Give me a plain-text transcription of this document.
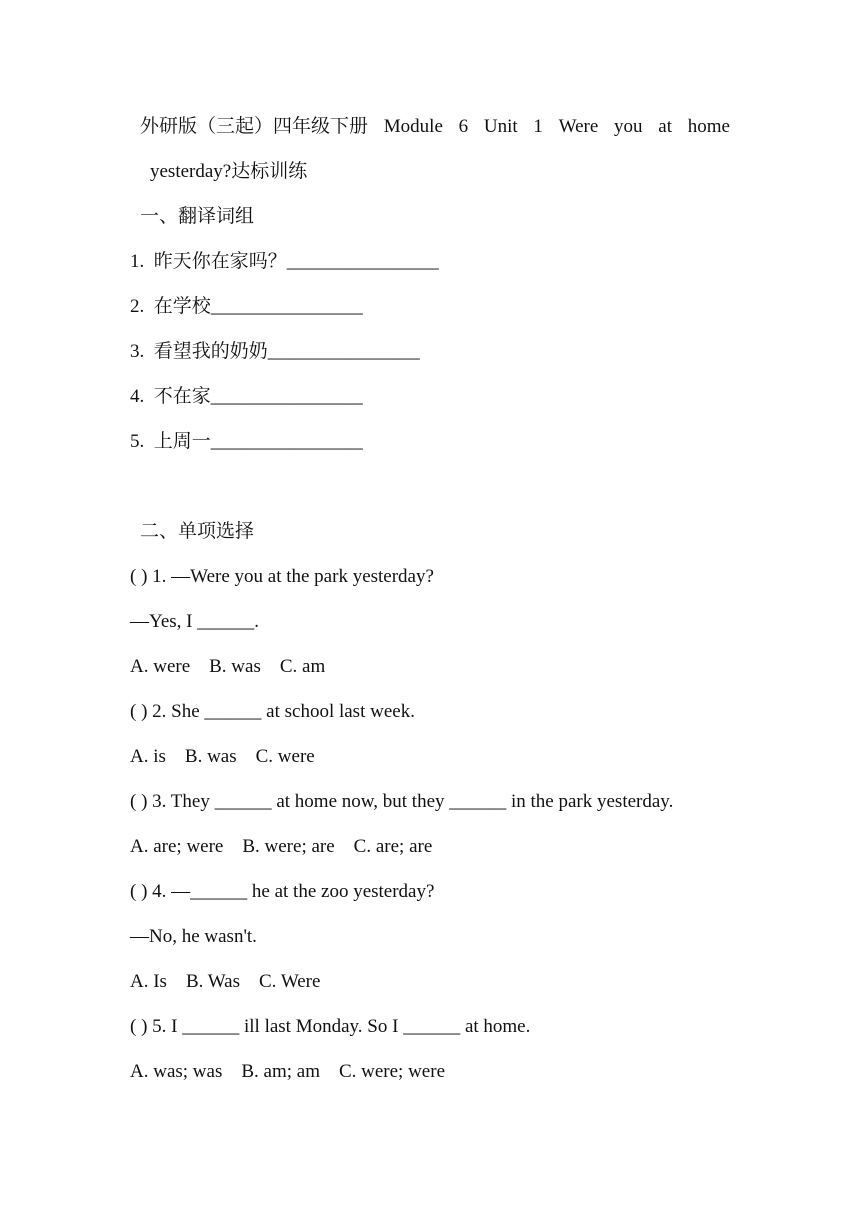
外研版（三起）四年级下册 Module 6 Unit 1 Were you at home
yesterday?达标训练
一、翻译词组
1.  昨天你在家吗？________________
2.  在学校________________
3.  看望我的奶奶________________
4.  不在家________________
5.  上周一________________
二、单项选择
( ) 1. —Were you at the park yesterday?
—Yes, I ______.
A. were    B. was    C. am
( ) 2. She ______ at school last week.
A. is    B. was    C. were
( ) 3. They ______ at home now, but they ______ in the park yesterday.
A. are; were    B. were; are    C. are; are
( ) 4. —______ he at the zoo yesterday?
—No, he wasn't.
A. Is    B. Was    C. Were
( ) 5. I ______ ill last Monday. So I ______ at home.
A. was; was    B. am; am    C. were; were
